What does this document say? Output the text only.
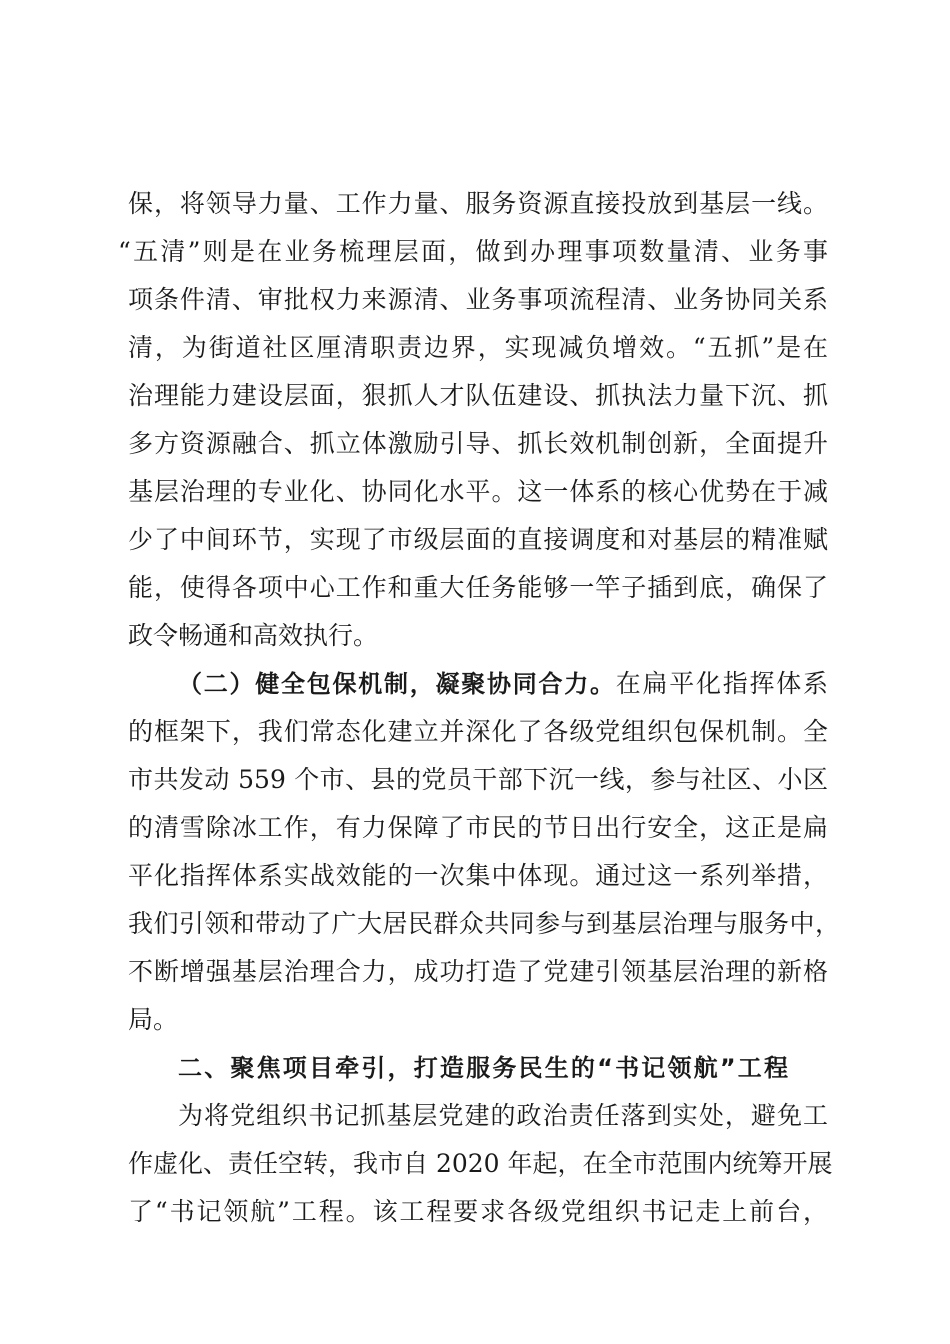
保，将领导力量、工作力量、服务资源直接投放到基层一线。
“五清”则是在业务梳理层面，做到办理事项数量清、业务事
项条件清、审批权力来源清、业务事项流程清、业务协同关系
清，为街道社区厘清职责边界，实现减负增效。“五抓”是在
治理能力建设层面，狠抓人才队伍建设、抓执法力量下沉、抓
多方资源融合、抓立体激励引导、抓长效机制创新，全面提升
基层治理的专业化、协同化水平。这一体系的核心优势在于减
少了中间环节，实现了市级层面的直接调度和对基层的精准赋
能，使得各项中心工作和重大任务能够一竿子插到底，确保了
政令畅通和高效执行。
（二）健全包保机制，凝聚协同合力。在扁平化指挥体系
的框架下，我们常态化建立并深化了各级党组织包保机制。全
市共发动 559 个市、县的党员干部下沉一线，参与社区、小区
的清雪除冰工作，有力保障了市民的节日出行安全，这正是扁
平化指挥体系实战效能的一次集中体现。通过这一系列举措，
我们引领和带动了广大居民群众共同参与到基层治理与服务中，
不断增强基层治理合力，成功打造了党建引领基层治理的新格
局。
二、聚焦项目牵引，打造服务民生的“书记领航”工程
为将党组织书记抓基层党建的政治责任落到实处，避免工
作虚化、责任空转，我市自 2020 年起，在全市范围内统筹开展
了“书记领航”工程。该工程要求各级党组织书记走上前台，
